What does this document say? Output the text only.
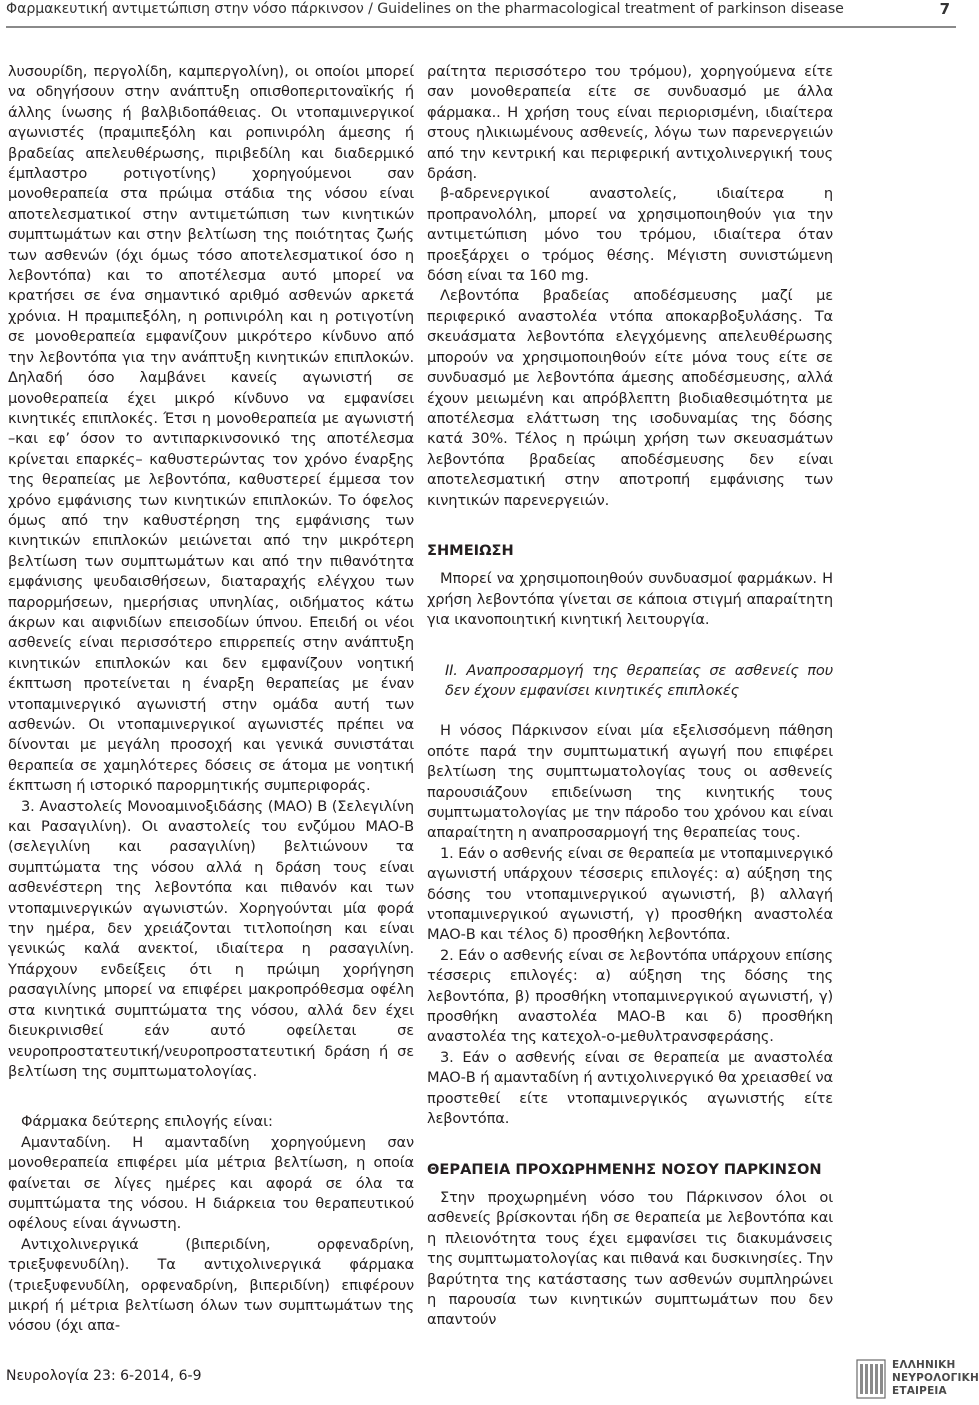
Φαρμακευτική αντιμετώπιση στην νόσο πάρκινσον / Guidelines on the pharmacological treatment of parkinson disease	7

λυσουρίδη, περγολίδη, καμπεργολίνη), οι οποίοι μπορεί να οδηγήσουν στην ανάπτυξη οπισθοπεριτοναϊκής ή άλλης ίνωσης ή βαλβιδοπάθειας. Οι ντοπαμινεργικοί αγωνιστές (πραμιπεξόλη και ροπινιρόλη άμεσης ή βραδείας απελευθέρωσης, πιριβεδίλη και διαδερμικό έμπλαστρο ροτιγοτίνης) χορηγούμενοι σαν μονοθεραπεία στα πρώιμα στάδια της νόσου είναι αποτελεσματικοί στην αντιμετώπιση των κινητικών συμπτωμάτων και στην βελτίωση της ποιότητας ζωής των ασθενών (όχι όμως τόσο αποτελεσματικοί όσο η λεβοντόπα) και το αποτέλεσμα αυτό μπορεί να κρατήσει σε ένα σημαντικό αριθμό ασθενών αρκετά χρόνια. Η πραμιπεξόλη, η ροπινιρόλη και η ροτιγοτίνη σε μονοθεραπεία εμφανίζουν μικρότερο κίνδυνο από την λεβοντόπα για την ανάπτυξη κινητικών επιπλοκών. Δηλαδή όσο λαμβάνει κανείς αγωνιστή σε μονοθεραπεία έχει μικρό κίνδυνο να εμφανίσει κινητικές επιπλοκές. Έτσι η μονοθεραπεία με αγωνιστή –και εφ’ όσον το αντιπαρκινσονικό της αποτέλεσμα κρίνεται επαρκές– καθυστερώντας τον χρόνο έναρξης της θεραπείας με λεβοντόπα, καθυστερεί έμμεσα τον χρόνο εμφάνισης των κινητικών επιπλοκών. Το όφελος όμως από την καθυστέρηση της εμφάνισης των κινητικών επιπλοκών μειώνεται από την μικρότερη βελτίωση των συμπτωμάτων και από την πιθανότητα εμφάνισης ψευδαισθήσεων, διαταραχής ελέγχου των παρορμήσεων, ημερήσιας υπνηλίας, οιδήματος κάτω άκρων και αιφνιδίων επεισοδίων ύπνου. Επειδή οι νέοι ασθενείς είναι περισσότερο επιρρεπείς στην ανάπτυξη κινητικών επιπλοκών και δεν εμφανίζουν νοητική έκπτωση προτείνεται η έναρξη θεραπείας με έναν ντοπαμινεργικό αγωνιστή στην ομάδα αυτή των ασθενών. Οι ντοπαμινεργικοί αγωνιστές πρέπει να δίνονται με μεγάλη προσοχή και γενικά συνιστάται θεραπεία σε χαμηλότερες δόσεις σε άτομα με νοητική έκπτωση ή ιστορικό παρορμητικής συμπεριφοράς.

3. Αναστολείς Μονοαμινοξιδάσης (ΜΑΟ) Β (Σελεγιλίνη και Ρασαγιλίνη). Οι αναστολείς του ενζύμου ΜΑΟ-Β (σελεγιλίνη και ρασαγιλίνη) βελτιώνουν τα συμπτώματα της νόσου αλλά η δράση τους είναι ασθενέστερη της λεβοντόπα και πιθανόν και των ντοπαμινεργικών αγωνιστών. Χορηγούνται μία φορά την ημέρα, δεν χρειάζονται τιτλοποίηση και είναι γενικώς καλά ανεκτοί, ιδιαίτερα η ρασαγιλίνη. Υπάρχουν ενδείξεις ότι η πρώιμη χορήγηση ρασαγιλίνης μπορεί να επιφέρει μακροπρόθεσμα οφέλη στα κινητικά συμπτώματα της νόσου, αλλά δεν έχει διευκρινισθεί εάν αυτό οφείλεται σε νευροπροστατευτική/νευροπροστατευτική δράση ή σε βελτίωση της συμπτωματολογίας.

Φάρμακα δεύτερης επιλογής είναι:

Αμανταδίνη. Η αμανταδίνη χορηγούμενη σαν μονοθεραπεία επιφέρει μία μέτρια βελτίωση, η οποία φαίνεται σε λίγες ημέρες και αφορά σε όλα τα συμπτώματα της νόσου. Η διάρκεια του θεραπευτικού οφέλους είναι άγνωστη.

Αντιχολινεργικά (βιπεριδίνη, ορφεναδρίνη, τριεξυφενυδίλη). Τα αντιχολινεργικά φάρμακα (τριεξυφενυδίλη, ορφεναδρίνη, βιπεριδίνη) επιφέρουν μικρή ή μέτρια βελτίωση όλων των συμπτωμάτων της νόσου (όχι απα-

ραίτητα περισσότερο του τρόμου), χορηγούμενα είτε σαν μονοθεραπεία είτε σε συνδυασμό με άλλα φάρμακα.. Η χρήση τους είναι περιορισμένη, ιδιαίτερα στους ηλικιωμένους ασθενείς, λόγω των παρενεργειών από την κεντρική και περιφερική αντιχολινεργική τους δράση.

β-αδρενεργικοί αναστολείς, ιδιαίτερα η προπρανολόλη, μπορεί να χρησιμοποιηθούν για την αντιμετώπιση μόνο του τρόμου, ιδιαίτερα όταν προεξάρχει ο τρόμος θέσης. Μέγιστη συνιστώμενη δόση είναι τα 160 mg.

Λεβοντόπα βραδείας αποδέσμευσης μαζί με περιφερικό αναστολέα ντόπα αποκαρβοξυλάσης. Τα σκευάσματα λεβοντόπα ελεγχόμενης απελευθέρωσης μπορούν να χρησιμοποιηθούν είτε μόνα τους είτε σε συνδυασμό με λεβοντόπα άμεσης αποδέσμευσης, αλλά έχουν μειωμένη και απρόβλεπτη βιοδιαθεσιμότητα με αποτέλεσμα ελάττωση της ισοδυναμίας της δόσης κατά 30%. Τέλος η πρώιμη χρήση των σκευασμάτων λεβοντόπα βραδείας αποδέσμευσης δεν είναι αποτελεσματική στην αποτροπή εμφάνισης των κινητικών παρενεργειών.

ΣΗΜΕΙΩΣΗ

Μπορεί να χρησιμοποιηθούν συνδυασμοί φαρμάκων. Η χρήση λεβοντόπα γίνεται σε κάποια στιγμή απαραίτητη για ικανοποιητική κινητική λειτουργία.

II. Αναπροσαρμογή της θεραπείας σε ασθενείς που δεν έχουν εμφανίσει κινητικές επιπλοκές

Η νόσος Πάρκινσον είναι μία εξελισσόμενη πάθηση οπότε παρά την συμπτωματική αγωγή που επιφέρει βελτίωση της συμπτωματολογίας τους οι ασθενείς παρουσιάζουν επιδείνωση της κινητικής τους συμπτωματολογίας με την πάροδο του χρόνου και είναι απαραίτητη η αναπροσαρμογή της θεραπείας τους.

1. Εάν ο ασθενής είναι σε θεραπεία με ντοπαμινεργικό αγωνιστή υπάρχουν τέσσερις επιλογές: α) αύξηση της δόσης του ντοπαμινεργικού αγωνιστή, β) αλλαγή ντοπαμινεργικού αγωνιστή, γ) προσθήκη αναστολέα ΜΑΟ-Β και τέλος δ) προσθήκη λεβοντόπα.

2. Εάν ο ασθενής είναι σε λεβοντόπα υπάρχουν επίσης τέσσερις επιλογές: α) αύξηση της δόσης της λεβοντόπα, β) προσθήκη ντοπαμινεργικού αγωνιστή, γ) προσθήκη αναστολέα ΜΑΟ-Β και δ) προσθήκη αναστολέα της κατεχολ-ο-μεθυλτρανσφεράσης.

3. Εάν ο ασθενής είναι σε θεραπεία με αναστολέα ΜΑΟ-Β ή αμανταδίνη ή αντιχολινεργικό θα χρειασθεί να προστεθεί είτε ντοπαμινεργικός αγωνιστής είτε λεβοντόπα.

ΘΕΡΑΠΕΙΑ ΠΡΟΧΩΡΗΜΕΝΗΣ ΝΟΣΟΥ ΠΑΡΚΙΝΣΟΝ

Στην προχωρημένη νόσο του Πάρκινσον όλοι οι ασθενείς βρίσκονται ήδη σε θεραπεία με λεβοντόπα και η πλειονότητα τους έχει εμφανίσει τις διακυμάνσεις της συμπτωματολογίας και πιθανά και δυσκινησίες. Την βαρύτητα της κατάστασης των ασθενών συμπληρώνει η παρουσία των κινητικών συμπτωμάτων που δεν απαντούν

Νευρολογία 23: 6-2014, 6-9
ΕΛΛΗΝΙΚΗ
ΝΕΥΡΟΛΟΓΙΚΗ
ΕΤΑΙΡΕΙΑ
